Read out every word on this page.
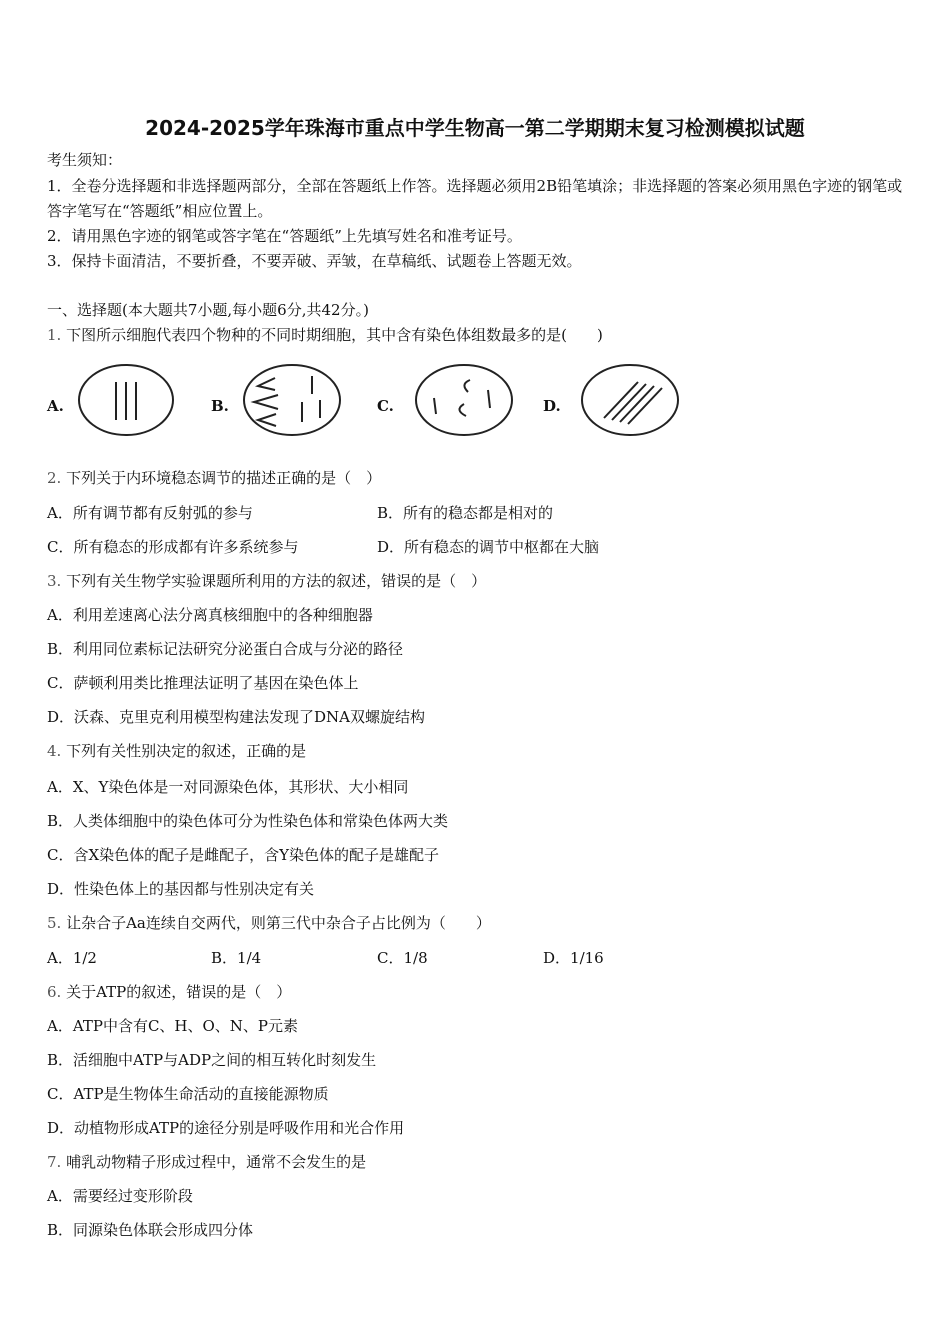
2024-2025学年珠海市重点中学生物高一第二学期期末复习检测模拟试题
考生须知：
1．全卷分选择题和非选择题两部分，全部在答题纸上作答。选择题必须用2B铅笔填涂；非选择题的答案必须用黑色字迹的钢笔或答字笔写在“答题纸”相应位置上。
2．请用黑色字迹的钢笔或答字笔在“答题纸”上先填写姓名和准考证号。
3．保持卡面清洁，不要折叠，不要弄破、弄皱，在草稿纸、试题卷上答题无效。
一、选择题(本大题共7小题,每小题6分,共42分。)
1. 下图所示细胞代表四个物种的不同时期细胞，其中含有染色体组数最多的是(　　)
A.	B.	C.	D.
2. 下列关于内环境稳态调节的描述正确的是（　）
A．所有调节都有反射弧的参与	B．所有的稳态都是相对的
C．所有稳态的形成都有许多系统参与	D．所有稳态的调节中枢都在大脑
3. 下列有关生物学实验课题所利用的方法的叙述，错误的是（　）
A．利用差速离心法分离真核细胞中的各种细胞器
B．利用同位素标记法研究分泌蛋白合成与分泌的路径
C．萨顿利用类比推理法证明了基因在染色体上
D．沃森、克里克利用模型构建法发现了DNA双螺旋结构
4. 下列有关性别决定的叙述，正确的是
A．X、Y染色体是一对同源染色体，其形状、大小相同
B．人类体细胞中的染色体可分为性染色体和常染色体两大类
C．含X染色体的配子是雌配子，含Y染色体的配子是雄配子
D．性染色体上的基因都与性别决定有关
5. 让杂合子Aa连续自交两代，则第三代中杂合子占比例为（　　）
A．1/2	B．1/4	C．1/8	D．1/16
6. 关于ATP的叙述，错误的是（　）
A．ATP中含有C、H、O、N、P元素
B．活细胞中ATP与ADP之间的相互转化时刻发生
C．ATP是生物体生命活动的直接能源物质
D．动植物形成ATP的途径分别是呼吸作用和光合作用
7. 哺乳动物精子形成过程中，通常不会发生的是
A．需要经过变形阶段
B．同源染色体联会形成四分体
